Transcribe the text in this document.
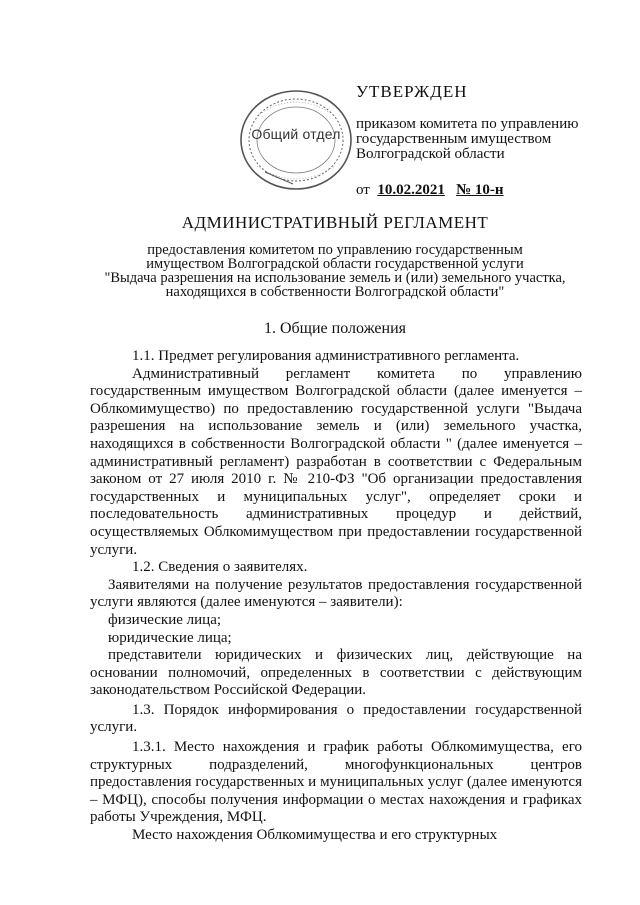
Общий отдел
УТВЕРЖДЕН
приказом комитета по управлению
государственным имуществом
Волгоградской области
от 10.02.2021 № 10-н
АДМИНИСТРАТИВНЫЙ РЕГЛАМЕНТ
предоставления комитетом по управлению государственным
имуществом Волгоградской области государственной услуги
"Выдача разрешения на использование земель и (или) земельного участка,
находящихся в собственности Волгоградской области"
1. Общие положения

1.1. Предмет регулирования административного регламента.

Административный регламент комитета по управлению государственным имуществом Волгоградской области (далее именуется – Облкомимущество) по предоставлению государственной услуги "Выдача разрешения на использование земель и (или) земельного участка, находящихся в собственности Волгоградской области " (далее именуется – административный регламент) разработан в соответствии с Федеральным законом от 27 июля 2010 г. № 210-ФЗ "Об организации предоставления государственных и муниципальных услуг", определяет сроки и последовательность административных процедур и действий, осуществляемых Облкомимуществом при предоставлении государственной услуги.

1.2. Сведения о заявителях.

Заявителями на получение результатов предоставления государственной услуги являются (далее именуются – заявители):

физические лица;

юридические лица;

представители юридических и физических лиц, действующие на основании полномочий, определенных в соответствии с действующим законодательством Российской Федерации.

1.3. Порядок информирования о предоставлении государственной услуги.

1.3.1. Место нахождения и график работы Облкомимущества, его структурных подразделений, многофункциональных центров предоставления государственных и муниципальных услуг (далее именуются – МФЦ), способы получения информации о местах нахождения и графиках работы Учреждения, МФЦ.

Место нахождения Облкомимущества и его структурных
